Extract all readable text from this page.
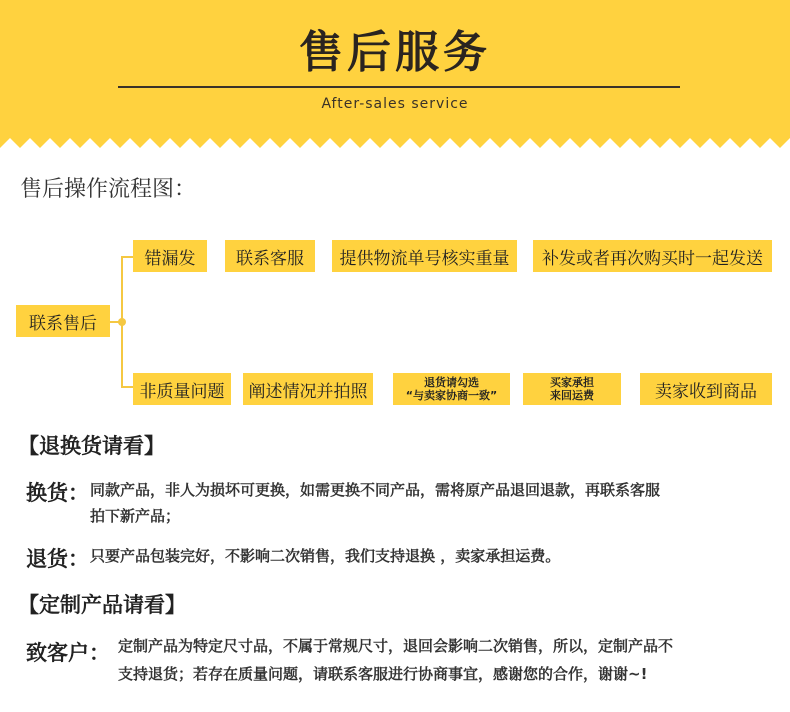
售后服务
After-sales service
售后操作流程图：
联系售后
错漏发 联系客服 提供物流单号核实重量 补发或者再次购买时一起发送
非质量问题 阐述情况并拍照	退货请勾选
“与卖家协商一致”
买家承担
来回运费	卖家收到商品
【退换货请看】
换货： 同款产品，非人为损坏可更换，如需更换不同产品，需将原产品退回退款，再联系客服
拍下新产品；
退货： 只要产品包装完好，不影响二次销售，我们支持退换 ，卖家承担运费。
【定制产品请看】
致客户： 定制产品为特定尺寸品，不属于常规尺寸，退回会影响二次销售，所以，定制产品不
支持退货；若存在质量问题，请联系客服进行协商事宜，感谢您的合作，谢谢~!
